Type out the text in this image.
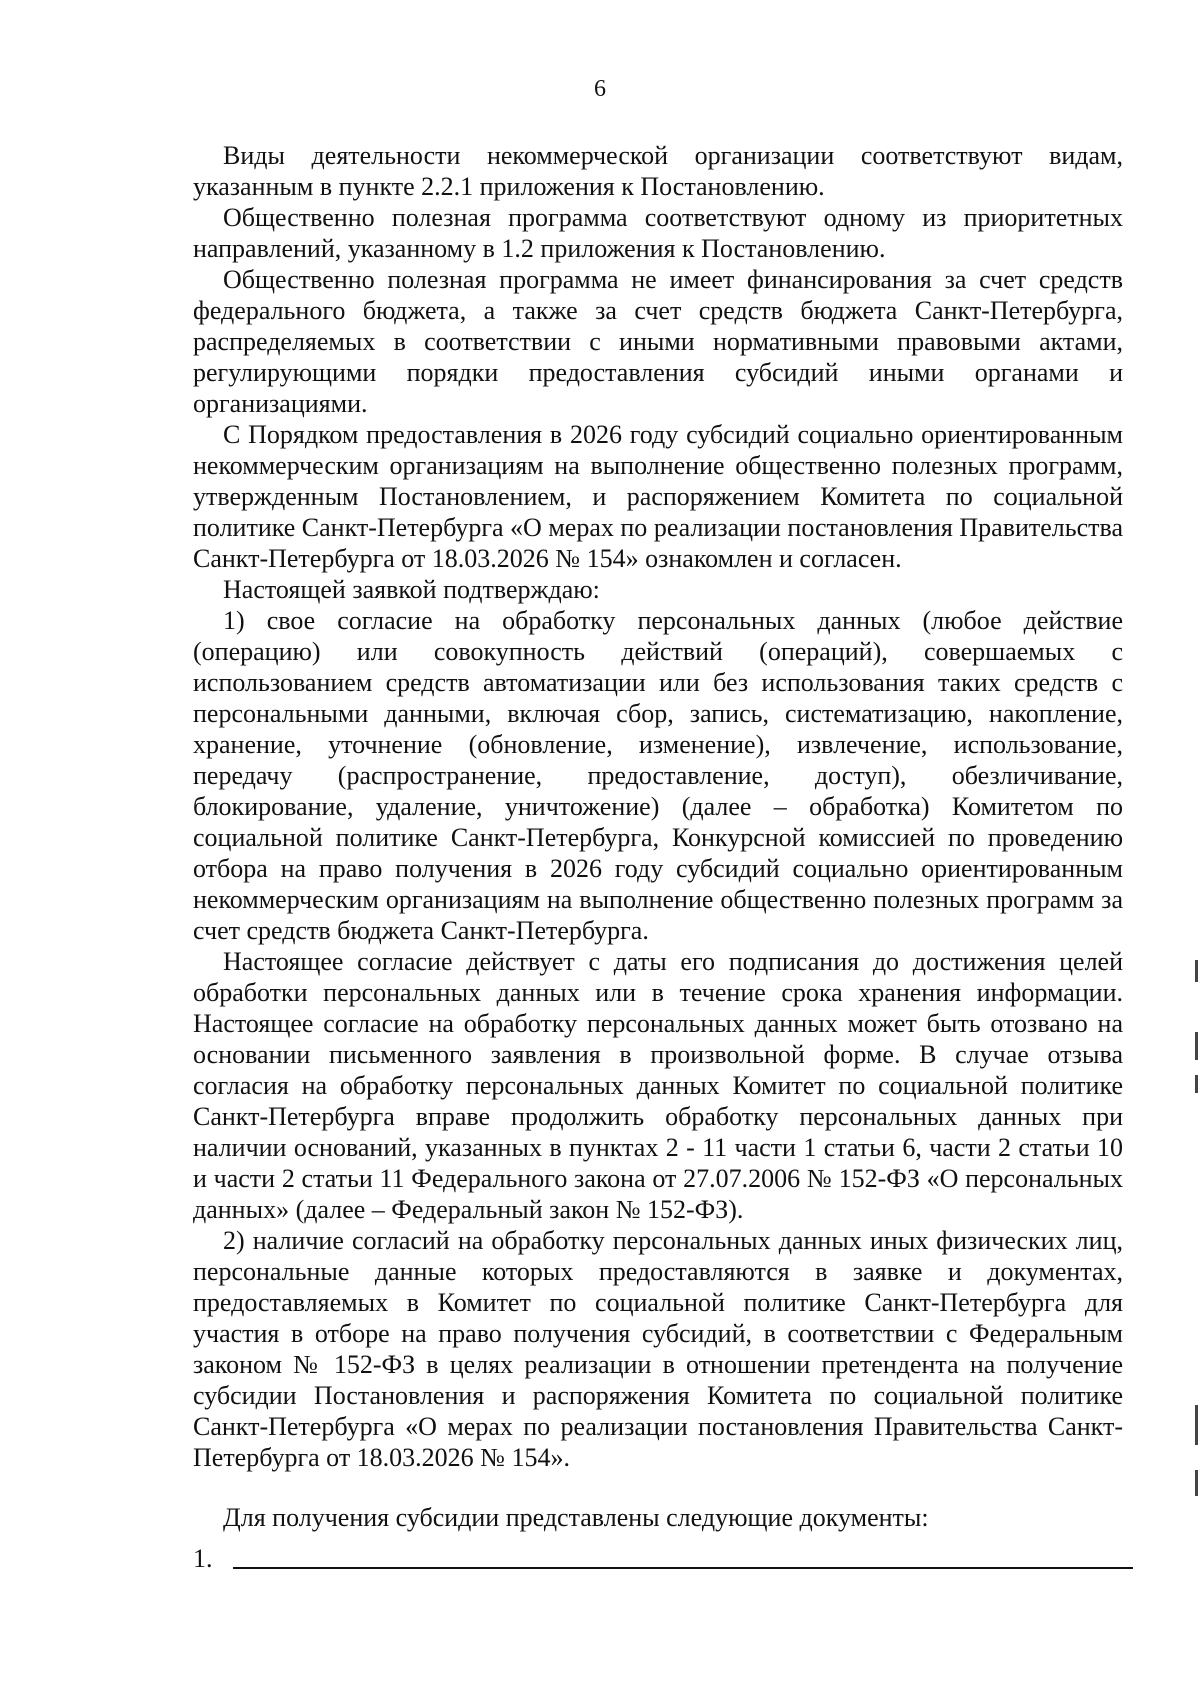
6

Виды деятельности некоммерческой организации соответствуют видам, указанным в пункте 2.2.1 приложения к Постановлению.

Общественно полезная программа соответствуют одному из приоритетных направлений, указанному в 1.2 приложения к Постановлению.

Общественно полезная программа не имеет финансирования за счет средств федерального бюджета, а также за счет средств бюджета Санкт-Петербурга, распределяемых в соответствии с иными нормативными правовыми актами, регулирующими порядки предоставления субсидий иными органами и организациями.

С Порядком предоставления в 2026 году субсидий социально ориентированным некоммерческим организациям на выполнение общественно полезных программ, утвержденным Постановлением, и распоряжением Комитета по социальной политике Санкт-Петербурга «О мерах по реализации постановления Правительства Санкт-Петербурга от 18.03.2026 № 154» ознакомлен и согласен.

Настоящей заявкой подтверждаю:

1) свое согласие на обработку персональных данных (любое действие (операцию) или совокупность действий (операций), совершаемых с использованием средств автоматизации или без использования таких средств с персональными данными, включая сбор, запись, систематизацию, накопление, хранение, уточнение (обновление, изменение), извлечение, использование, передачу (распространение, предоставление, доступ), обезличивание, блокирование, удаление, уничтожение) (далее – обработка) Комитетом по социальной политике Санкт-Петербурга, Конкурсной комиссией по проведению отбора на право получения в 2026 году субсидий социально ориентированным некоммерческим организациям на выполнение общественно полезных программ за счет средств бюджета Санкт-Петербурга.

Настоящее согласие действует с даты его подписания до достижения целей обработки персональных данных или в течение срока хранения информации. Настоящее согласие на обработку персональных данных может быть отозвано на основании письменного заявления в произвольной форме. В случае отзыва согласия на обработку персональных данных Комитет по социальной политике Санкт-Петербурга вправе продолжить обработку персональных данных при наличии оснований, указанных в пунктах 2 - 11 части 1 статьи 6, части 2 статьи 10 и части 2 статьи 11 Федерального закона от 27.07.2006 № 152-ФЗ «О персональных данных» (далее – Федеральный закон № 152-ФЗ).

2) наличие согласий на обработку персональных данных иных физических лиц, персональные данные которых предоставляются в заявке и документах, предоставляемых в Комитет по социальной политике Санкт-Петербурга для участия в отборе на право получения субсидий, в соответствии с Федеральным законом № 152-ФЗ в целях реализации в отношении претендента на получение субсидии Постановления и распоряжения Комитета по социальной политике Санкт-Петербурга «О мерах по реализации постановления Правительства Санкт-Петербурга от 18.03.2026 № 154».

Для получения субсидии представлены следующие документы:

1.
